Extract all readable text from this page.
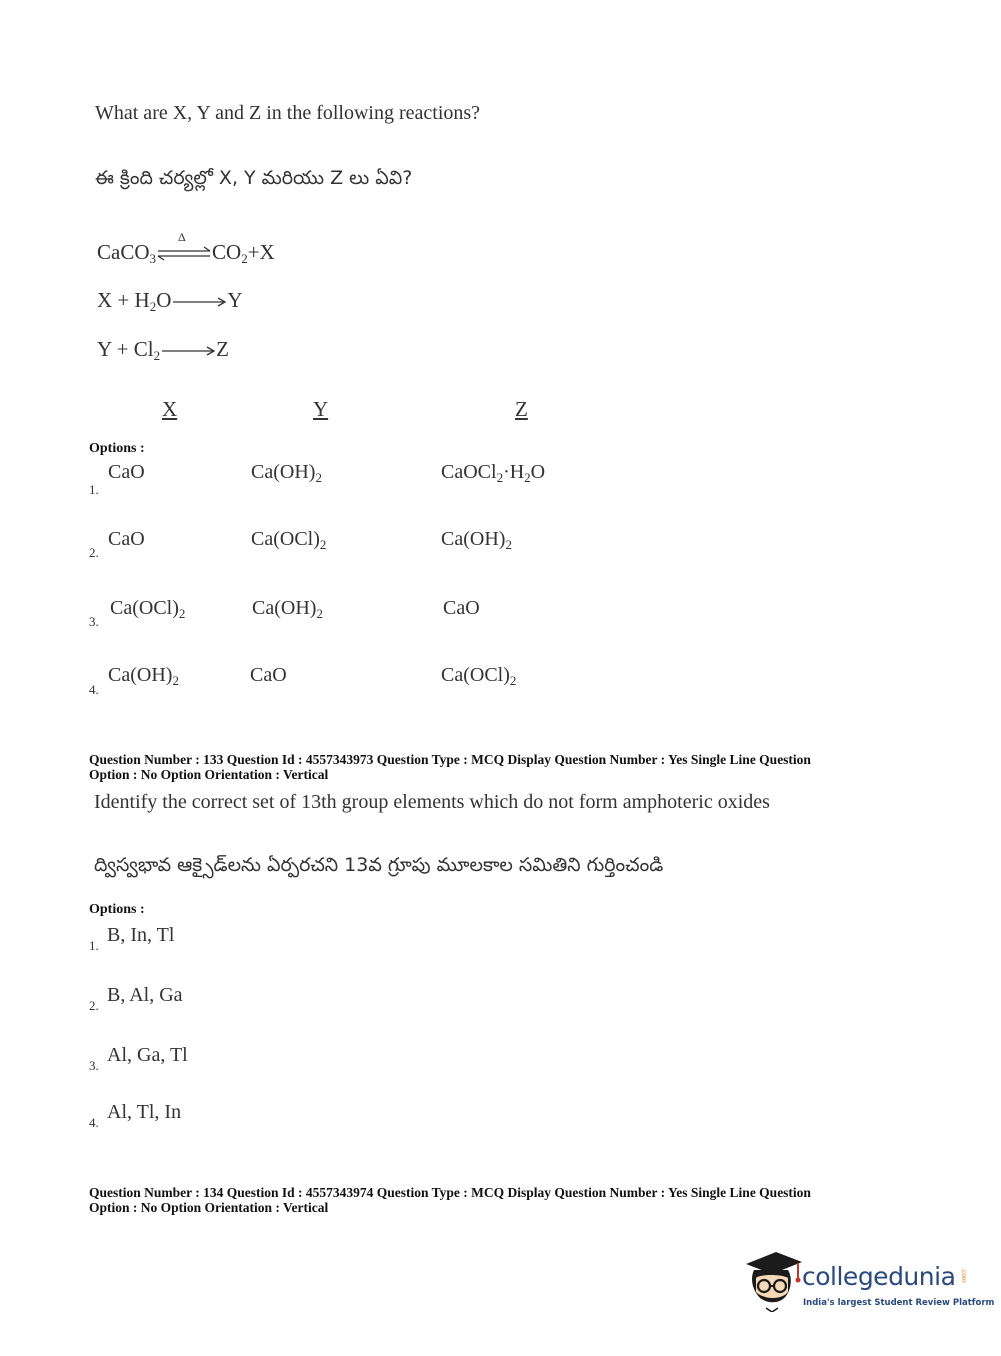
What are X, Y and Z in the following reactions?
ఈ క్రింది చర్యల్లో X, Y మరియు Z లు ఏవి?
CaCO$_3$
Δ
$CO_2+X$
$X + H_2O$	Y
$Y + Cl_2$	Z
X	Y	Z
Options :
1.
CaO	$Ca(OH)_2$	$CaOCl_2\cdot H_2O$
2.
CaO	$Ca(OCl)_2$	$Ca(OH)_2$
3.
$Ca(OCl)_2$	$Ca(OH)_2$	CaO
4.
$Ca(OH)_2$	CaO	$Ca(OCl)_2$
Question Number : 133 Question Id : 4557343973 Question Type : MCQ Display Question Number : Yes Single Line Question
Option : No Option Orientation : Vertical
Identify the correct set of 13th group elements which do not form amphoteric oxides
ద్విస్వభావ ఆక్సైడ్‌లను ఏర్పరచని 13వ గ్రూపు మూలకాల సమితిని గుర్తించండి
Options :
1. B, In, Tl
2. B, Al, Ga
3. Al, Ga, Tl
4. Al, Tl, In
Question Number : 134 Question Id : 4557343974 Question Type : MCQ Display Question Number : Yes Single Line Question
Option : No Option Orientation : Vertical
collegedunia .com
India's largest Student Review Platform
